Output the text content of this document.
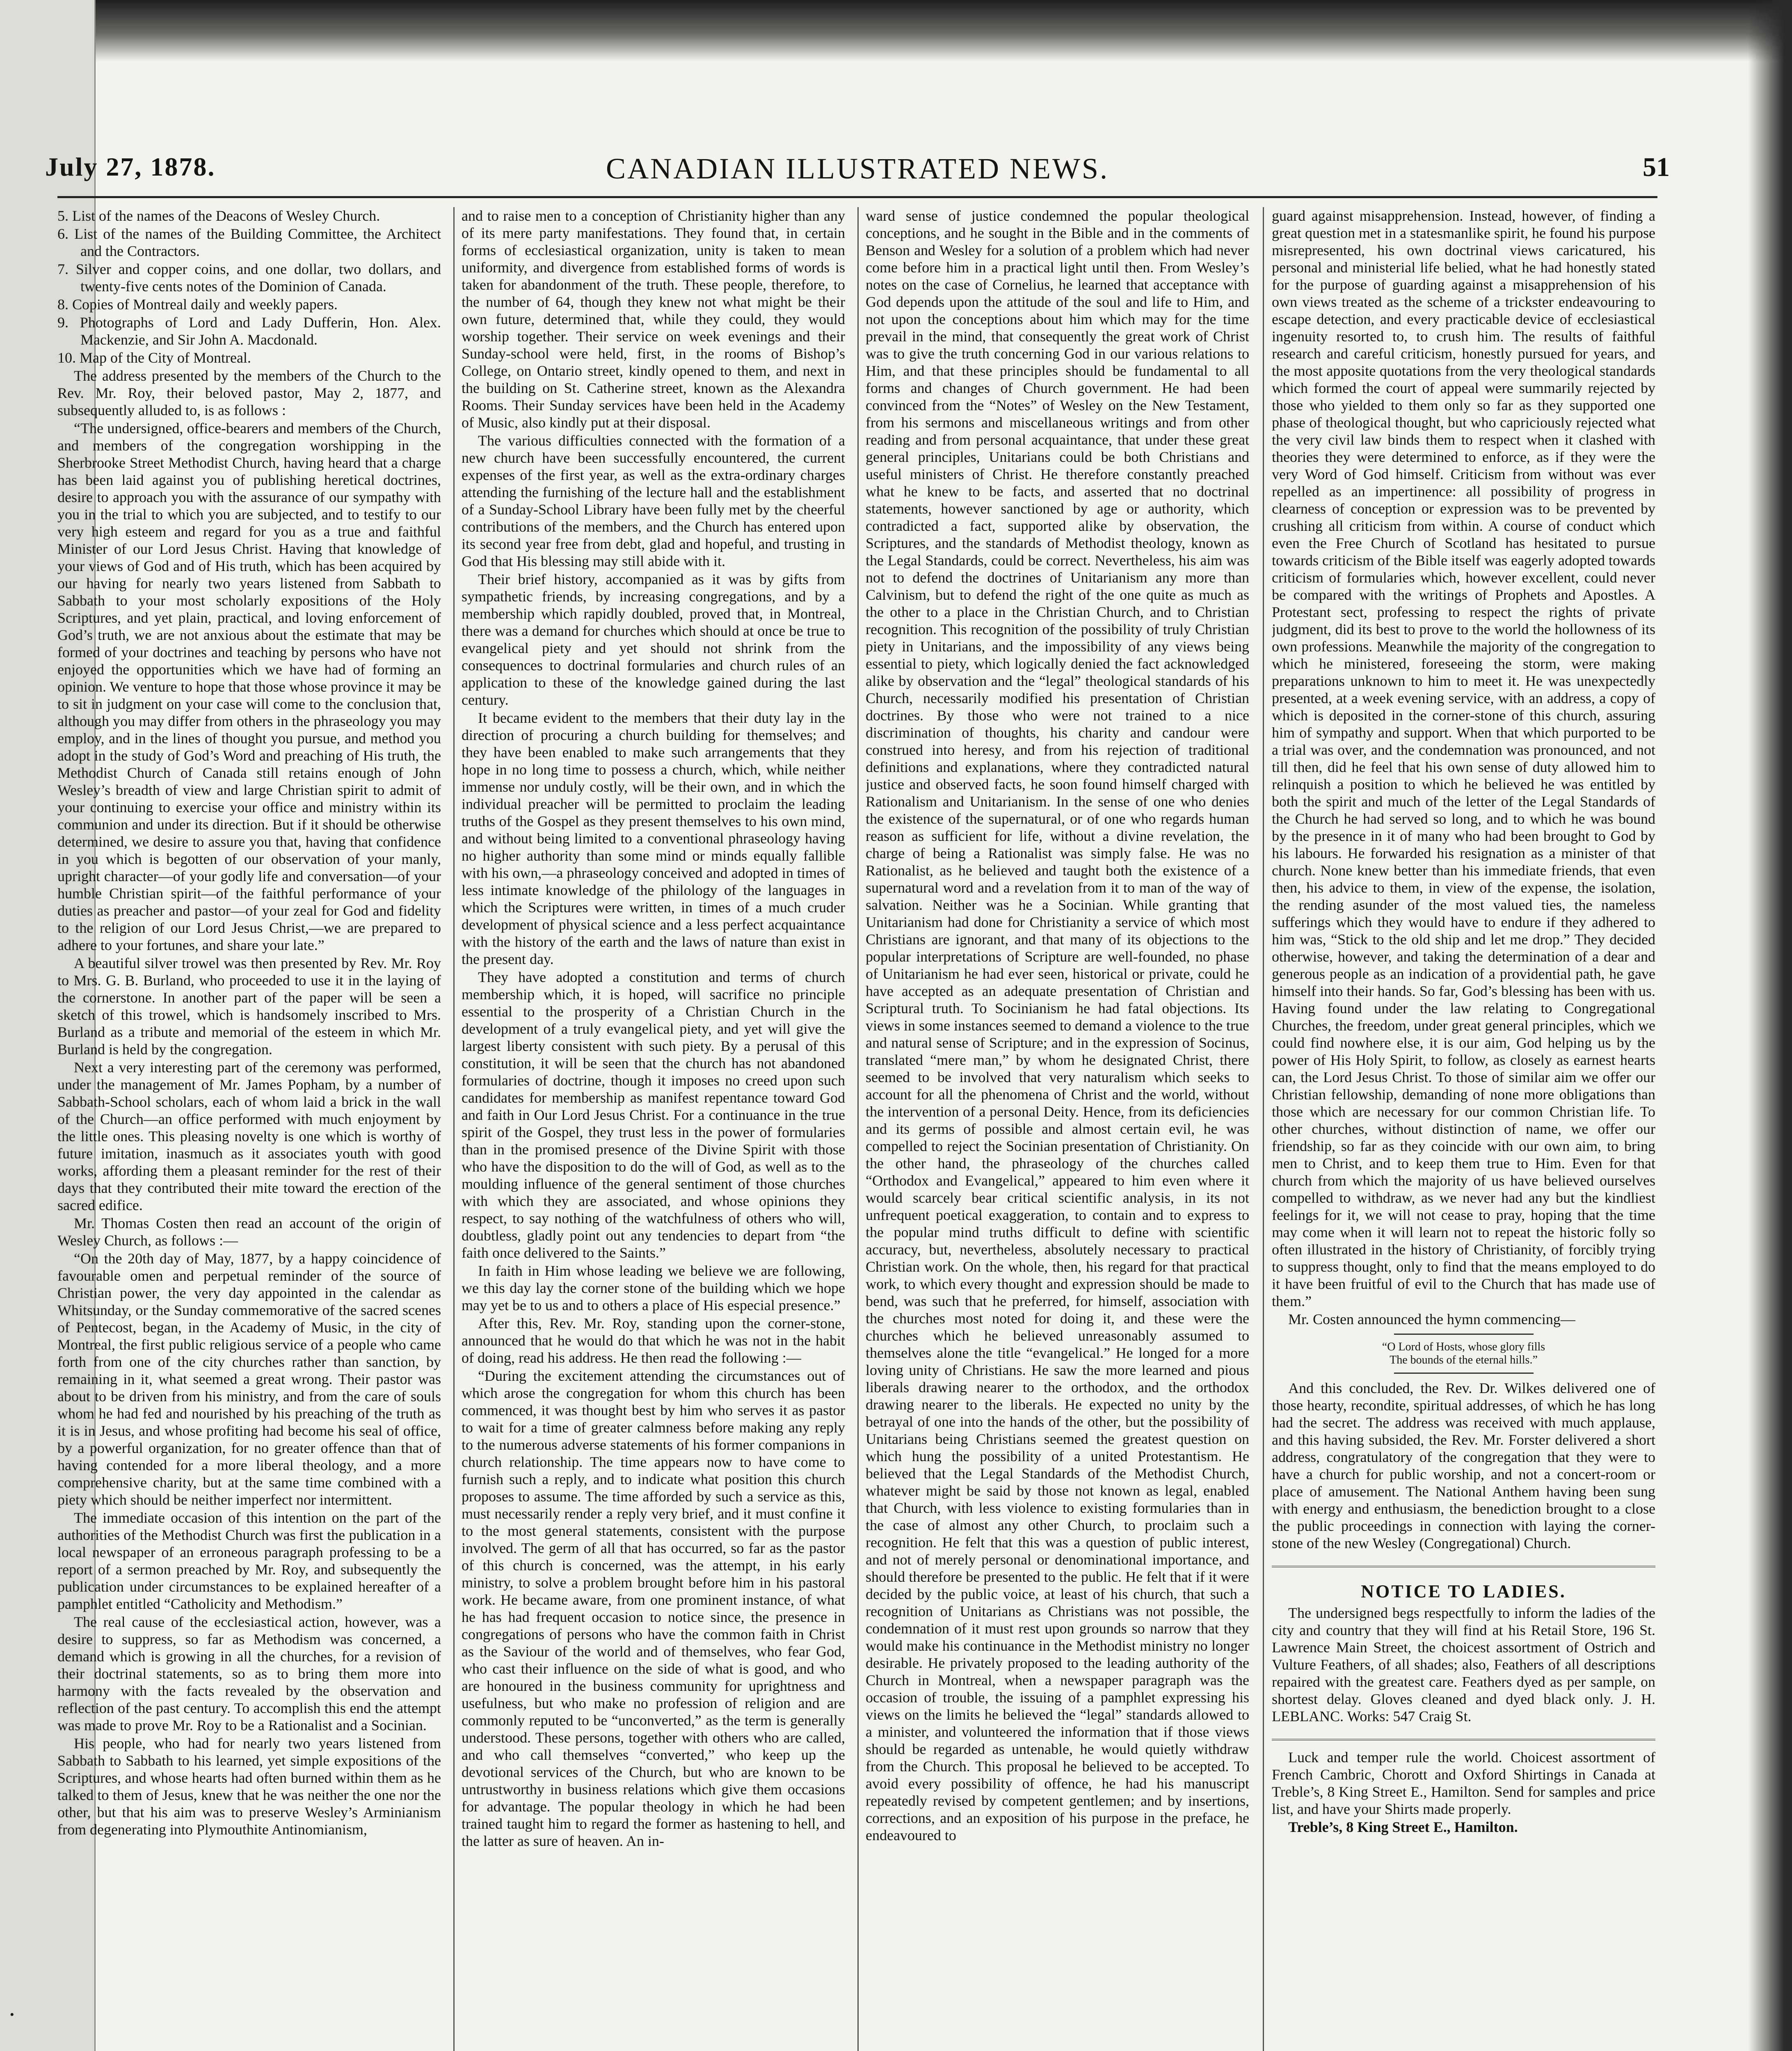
July 27, 1878.	CANADIAN ILLUSTRATED NEWS.	51
5. List of the names of the Deacons of Wesley Church.
6. List of the names of the Building Committee, the Architect and the Contractors.
7. Silver and copper coins, and one dollar, two dollars, and twenty-five cents notes of the Dominion of Canada.
8. Copies of Montreal daily and weekly papers.
9. Photographs of Lord and Lady Dufferin, Hon. Alex. Mackenzie, and Sir John A. Macdonald.
10. Map of the City of Montreal.

The address presented by the members of the Church to the Rev. Mr. Roy, their beloved pastor, May 2, 1877, and subsequently alluded to, is as follows :

“The undersigned, office-bearers and members of the Church, and members of the congregation worshipping in the Sherbrooke Street Methodist Church, having heard that a charge has been laid against you of publishing heretical doctrines, desire to approach you with the assurance of our sympathy with you in the trial to which you are subjected, and to testify to our very high esteem and regard for you as a true and faithful Minister of our Lord Jesus Christ. Having that knowledge of your views of God and of His truth, which has been acquired by our having for nearly two years listened from Sabbath to Sabbath to your most scholarly expositions of the Holy Scriptures, and yet plain, practical, and loving enforcement of God’s truth, we are not anxious about the estimate that may be formed of your doctrines and teaching by persons who have not enjoyed the opportunities which we have had of forming an opinion. We venture to hope that those whose province it may be to sit in judgment on your case will come to the conclusion that, although you may differ from others in the phraseology you may employ, and in the lines of thought you pursue, and method you adopt in the study of God’s Word and preaching of His truth, the Methodist Church of Canada still retains enough of John Wesley’s breadth of view and large Christian spirit to admit of your continuing to exercise your office and ministry within its communion and under its direction. But if it should be otherwise determined, we desire to assure you that, having that confidence in you which is begotten of our observation of your manly, upright character—of your godly life and conversation—of your humble Christian spirit—of the faithful performance of your duties as preacher and pastor—of your zeal for God and fidelity to the religion of our Lord Jesus Christ,—we are prepared to adhere to your fortunes, and share your late.”

A beautiful silver trowel was then presented by Rev. Mr. Roy to Mrs. G. B. Burland, who proceeded to use it in the laying of the cornerstone. In another part of the paper will be seen a sketch of this trowel, which is handsomely inscribed to Mrs. Burland as a tribute and memorial of the esteem in which Mr. Burland is held by the congregation.

Next a very interesting part of the ceremony was performed, under the management of Mr. James Popham, by a number of Sabbath-School scholars, each of whom laid a brick in the wall of the Church—an office performed with much enjoyment by the little ones. This pleasing novelty is one which is worthy of future imitation, inasmuch as it associates youth with good works, affording them a pleasant reminder for the rest of their days that they contributed their mite toward the erection of the sacred edifice.

Mr. Thomas Costen then read an account of the origin of Wesley Church, as follows :—

“On the 20th day of May, 1877, by a happy coincidence of favourable omen and perpetual reminder of the source of Christian power, the very day appointed in the calendar as Whitsunday, or the Sunday commemorative of the sacred scenes of Pentecost, began, in the Academy of Music, in the city of Montreal, the first public religious service of a people who came forth from one of the city churches rather than sanction, by remaining in it, what seemed a great wrong. Their pastor was about to be driven from his ministry, and from the care of souls whom he had fed and nourished by his preaching of the truth as it is in Jesus, and whose profiting had become his seal of office, by a powerful organization, for no greater offence than that of having contended for a more liberal theology, and a more comprehensive charity, but at the same time combined with a piety which should be neither imperfect nor intermittent.

The immediate occasion of this intention on the part of the authorities of the Methodist Church was first the publication in a local newspaper of an erroneous paragraph professing to be a report of a sermon preached by Mr. Roy, and subsequently the publication under circumstances to be explained hereafter of a pamphlet entitled “Catholicity and Methodism.”

The real cause of the ecclesiastical action, however, was a desire to suppress, so far as Methodism was concerned, a demand which is growing in all the churches, for a revision of their doctrinal statements, so as to bring them more into harmony with the facts revealed by the observation and reflection of the past century. To accomplish this end the attempt was made to prove Mr. Roy to be a Rationalist and a Socinian.

His people, who had for nearly two years listened from Sabbath to Sabbath to his learned, yet simple expositions of the Scriptures, and whose hearts had often burned within them as he talked to them of Jesus, knew that he was neither the one nor the other, but that his aim was to preserve Wesley’s Arminianism from degenerating into Plymouthite Antinomianism,

and to raise men to a conception of Christianity higher than any of its mere party manifestations. They found that, in certain forms of ecclesiastical organization, unity is taken to mean uniformity, and divergence from established forms of words is taken for abandonment of the truth. These people, therefore, to the number of 64, though they knew not what might be their own future, determined that, while they could, they would worship together. Their service on week evenings and their Sunday-school were held, first, in the rooms of Bishop’s College, on Ontario street, kindly opened to them, and next in the building on St. Catherine street, known as the Alexandra Rooms. Their Sunday services have been held in the Academy of Music, also kindly put at their disposal.

The various difficulties connected with the formation of a new church have been successfully encountered, the current expenses of the first year, as well as the extra-ordinary charges attending the furnishing of the lecture hall and the establishment of a Sunday-School Library have been fully met by the cheerful contributions of the members, and the Church has entered upon its second year free from debt, glad and hopeful, and trusting in God that His blessing may still abide with it.

Their brief history, accompanied as it was by gifts from sympathetic friends, by increasing congregations, and by a membership which rapidly doubled, proved that, in Montreal, there was a demand for churches which should at once be true to evangelical piety and yet should not shrink from the consequences to doctrinal formularies and church rules of an application to these of the knowledge gained during the last century.

It became evident to the members that their duty lay in the direction of procuring a church building for themselves; and they have been enabled to make such arrangements that they hope in no long time to possess a church, which, while neither immense nor unduly costly, will be their own, and in which the individual preacher will be permitted to proclaim the leading truths of the Gospel as they present themselves to his own mind, and without being limited to a conventional phraseology having no higher authority than some mind or minds equally fallible with his own,—a phraseology conceived and adopted in times of less intimate knowledge of the philology of the languages in which the Scriptures were written, in times of a much cruder development of physical science and a less perfect acquaintance with the history of the earth and the laws of nature than exist in the present day.

They have adopted a constitution and terms of church membership which, it is hoped, will sacrifice no principle essential to the prosperity of a Christian Church in the development of a truly evangelical piety, and yet will give the largest liberty consistent with such piety. By a perusal of this constitution, it will be seen that the church has not abandoned formularies of doctrine, though it imposes no creed upon such candidates for membership as manifest repentance toward God and faith in Our Lord Jesus Christ. For a continuance in the true spirit of the Gospel, they trust less in the power of formularies than in the promised presence of the Divine Spirit with those who have the disposition to do the will of God, as well as to the moulding influence of the general sentiment of those churches with which they are associated, and whose opinions they respect, to say nothing of the watchfulness of others who will, doubtless, gladly point out any tendencies to depart from “the faith once delivered to the Saints.”

In faith in Him whose leading we believe we are following, we this day lay the corner stone of the building which we hope may yet be to us and to others a place of His especial presence.”

After this, Rev. Mr. Roy, standing upon the corner-stone, announced that he would do that which he was not in the habit of doing, read his address. He then read the following :—

“During the excitement attending the circumstances out of which arose the congregation for whom this church has been commenced, it was thought best by him who serves it as pastor to wait for a time of greater calmness before making any reply to the numerous adverse statements of his former companions in church relationship. The time appears now to have come to furnish such a reply, and to indicate what position this church proposes to assume. The time afforded by such a service as this, must necessarily render a reply very brief, and it must confine it to the most general statements, consistent with the purpose involved. The germ of all that has occurred, so far as the pastor of this church is concerned, was the attempt, in his early ministry, to solve a problem brought before him in his pastoral work. He became aware, from one prominent instance, of what he has had frequent occasion to notice since, the presence in congregations of persons who have the common faith in Christ as the Saviour of the world and of themselves, who fear God, who cast their influence on the side of what is good, and who are honoured in the business community for uprightness and usefulness, but who make no profession of religion and are commonly reputed to be “unconverted,” as the term is generally understood. These persons, together with others who are called, and who call themselves “converted,” who keep up the devotional services of the Church, but who are known to be untrustworthy in business relations which give them occasions for advantage. The popular theology in which he had been trained taught him to regard the former as hastening to hell, and the latter as sure of heaven. An in-

ward sense of justice condemned the popular theological conceptions, and he sought in the Bible and in the comments of Benson and Wesley for a solution of a problem which had never come before him in a practical light until then. From Wesley’s notes on the case of Cornelius, he learned that acceptance with God depends upon the attitude of the soul and life to Him, and not upon the conceptions about him which may for the time prevail in the mind, that consequently the great work of Christ was to give the truth concerning God in our various relations to Him, and that these principles should be fundamental to all forms and changes of Church government. He had been convinced from the “Notes” of Wesley on the New Testament, from his sermons and miscellaneous writings and from other reading and from personal acquaintance, that under these great general principles, Unitarians could be both Christians and useful ministers of Christ. He therefore constantly preached what he knew to be facts, and asserted that no doctrinal statements, however sanctioned by age or authority, which contradicted a fact, supported alike by observation, the Scriptures, and the standards of Methodist theology, known as the Legal Standards, could be correct. Nevertheless, his aim was not to defend the doctrines of Unitarianism any more than Calvinism, but to defend the right of the one quite as much as the other to a place in the Christian Church, and to Christian recognition. This recognition of the possibility of truly Christian piety in Unitarians, and the impossibility of any views being essential to piety, which logically denied the fact acknowledged alike by observation and the “legal” theological standards of his Church, necessarily modified his presentation of Christian doctrines. By those who were not trained to a nice discrimination of thoughts, his charity and candour were construed into heresy, and from his rejection of traditional definitions and explanations, where they contradicted natural justice and observed facts, he soon found himself charged with Rationalism and Unitarianism. In the sense of one who denies the existence of the supernatural, or of one who regards human reason as sufficient for life, without a divine revelation, the charge of being a Rationalist was simply false. He was no Rationalist, as he believed and taught both the existence of a supernatural word and a revelation from it to man of the way of salvation. Neither was he a Socinian. While granting that Unitarianism had done for Christianity a service of which most Christians are ignorant, and that many of its objections to the popular interpretations of Scripture are well-founded, no phase of Unitarianism he had ever seen, historical or private, could he have accepted as an adequate presentation of Christian and Scriptural truth. To Socinianism he had fatal objections. Its views in some instances seemed to demand a violence to the true and natural sense of Scripture; and in the expression of Socinus, translated “mere man,” by whom he designated Christ, there seemed to be involved that very naturalism which seeks to account for all the phenomena of Christ and the world, without the intervention of a personal Deity. Hence, from its deficiencies and its germs of possible and almost certain evil, he was compelled to reject the Socinian presentation of Christianity. On the other hand, the phraseology of the churches called “Orthodox and Evangelical,” appeared to him even where it would scarcely bear critical scientific analysis, in its not unfrequent poetical exaggeration, to contain and to express to the popular mind truths difficult to define with scientific accuracy, but, nevertheless, absolutely necessary to practical Christian work. On the whole, then, his regard for that practical work, to which every thought and expression should be made to bend, was such that he preferred, for himself, association with the churches most noted for doing it, and these were the churches which he believed unreasonably assumed to themselves alone the title “evangelical.” He longed for a more loving unity of Christians. He saw the more learned and pious liberals drawing nearer to the orthodox, and the orthodox drawing nearer to the liberals. He expected no unity by the betrayal of one into the hands of the other, but the possibility of Unitarians being Christians seemed the greatest question on which hung the possibility of a united Protestantism. He believed that the Legal Standards of the Methodist Church, whatever might be said by those not known as legal, enabled that Church, with less violence to existing formularies than in the case of almost any other Church, to proclaim such a recognition. He felt that this was a question of public interest, and not of merely personal or denominational importance, and should therefore be presented to the public. He felt that if it were decided by the public voice, at least of his church, that such a recognition of Unitarians as Christians was not possible, the condemnation of it must rest upon grounds so narrow that they would make his continuance in the Methodist ministry no longer desirable. He privately proposed to the leading authority of the Church in Montreal, when a newspaper paragraph was the occasion of trouble, the issuing of a pamphlet expressing his views on the limits he believed the “legal” standards allowed to a minister, and volunteered the information that if those views should be regarded as untenable, he would quietly withdraw from the Church. This proposal he believed to be accepted. To avoid every possibility of offence, he had his manuscript repeatedly revised by competent gentlemen; and by insertions, corrections, and an exposition of his purpose in the preface, he endeavoured to

guard against misapprehension. Instead, however, of finding a great question met in a statesmanlike spirit, he found his purpose misrepresented, his own doctrinal views caricatured, his personal and ministerial life belied, what he had honestly stated for the purpose of guarding against a misapprehension of his own views treated as the scheme of a trickster endeavouring to escape detection, and every practicable device of ecclesiastical ingenuity resorted to, to crush him. The results of faithful research and careful criticism, honestly pursued for years, and the most apposite quotations from the very theological standards which formed the court of appeal were summarily rejected by those who yielded to them only so far as they supported one phase of theological thought, but who capriciously rejected what the very civil law binds them to respect when it clashed with theories they were determined to enforce, as if they were the very Word of God himself. Criticism from without was ever repelled as an impertinence: all possibility of progress in clearness of conception or expression was to be prevented by crushing all criticism from within. A course of conduct which even the Free Church of Scotland has hesitated to pursue towards criticism of the Bible itself was eagerly adopted towards criticism of formularies which, however excellent, could never be compared with the writings of Prophets and Apostles. A Protestant sect, professing to respect the rights of private judgment, did its best to prove to the world the hollowness of its own professions. Meanwhile the majority of the congregation to which he ministered, foreseeing the storm, were making preparations unknown to him to meet it. He was unexpectedly presented, at a week evening service, with an address, a copy of which is deposited in the corner-stone of this church, assuring him of sympathy and support. When that which purported to be a trial was over, and the condemnation was pronounced, and not till then, did he feel that his own sense of duty allowed him to relinquish a position to which he believed he was entitled by both the spirit and much of the letter of the Legal Standards of the Church he had served so long, and to which he was bound by the presence in it of many who had been brought to God by his labours. He forwarded his resignation as a minister of that church. None knew better than his immediate friends, that even then, his advice to them, in view of the expense, the isolation, the rending asunder of the most valued ties, the nameless sufferings which they would have to endure if they adhered to him was, “Stick to the old ship and let me drop.” They decided otherwise, however, and taking the determination of a dear and generous people as an indication of a providential path, he gave himself into their hands. So far, God’s blessing has been with us. Having found under the law relating to Congregational Churches, the freedom, under great general principles, which we could find nowhere else, it is our aim, God helping us by the power of His Holy Spirit, to follow, as closely as earnest hearts can, the Lord Jesus Christ. To those of similar aim we offer our Christian fellowship, demanding of none more obligations than those which are necessary for our common Christian life. To other churches, without distinction of name, we offer our friendship, so far as they coincide with our own aim, to bring men to Christ, and to keep them true to Him. Even for that church from which the majority of us have believed ourselves compelled to withdraw, as we never had any but the kindliest feelings for it, we will not cease to pray, hoping that the time may come when it will learn not to repeat the historic folly so often illustrated in the history of Christianity, of forcibly trying to suppress thought, only to find that the means employed to do it have been fruitful of evil to the Church that has made use of them.”

Mr. Costen announced the hymn commencing—

“O Lord of Hosts, whose glory fills
The bounds of the eternal hills.”

And this concluded, the Rev. Dr. Wilkes delivered one of those hearty, recondite, spiritual addresses, of which he has long had the secret. The address was received with much applause, and this having subsided, the Rev. Mr. Forster delivered a short address, congratulatory of the congregation that they were to have a church for public worship, and not a concert-room or place of amusement. The National Anthem having been sung with energy and enthusiasm, the benediction brought to a close the public proceedings in connection with laying the corner-stone of the new Wesley (Congregational) Church.

NOTICE TO LADIES.

The undersigned begs respectfully to inform the ladies of the city and country that they will find at his Retail Store, 196 St. Lawrence Main Street, the choicest assortment of Ostrich and Vulture Feathers, of all shades; also, Feathers of all descriptions repaired with the greatest care. Feathers dyed as per sample, on shortest delay. Gloves cleaned and dyed black only. J. H. LEBLANC. Works: 547 Craig St.

Luck and temper rule the world. Choicest assortment of French Cambric, Chorott and Oxford Shirtings in Canada at Treble’s, 8 King Street E., Hamilton. Send for samples and price list, and have your Shirts made properly.

Treble’s, 8 King Street E., Hamilton.

•
